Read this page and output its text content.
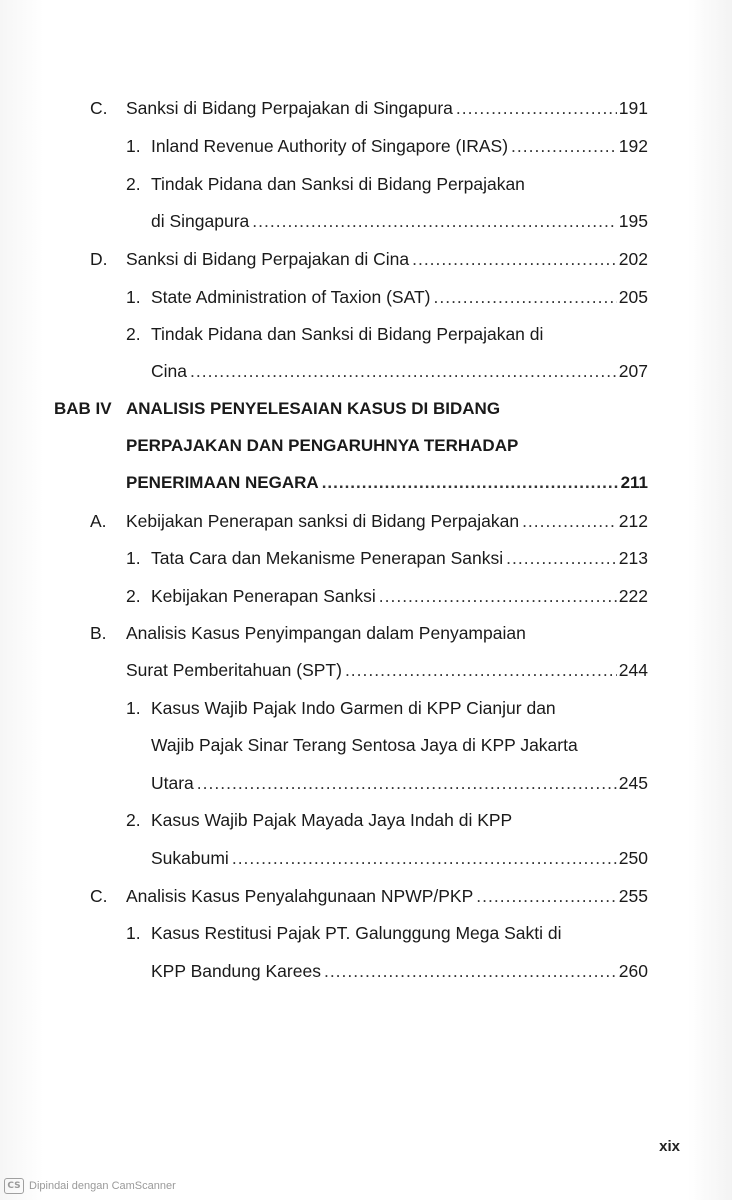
C. Sanksi di Bidang Perpajakan di Singapura .....	191
1. Inland Revenue Authority of Singapore (IRAS) .....	192
2. Tindak Pidana dan Sanksi di Bidang Perpajakan
di Singapura .....	195
D. Sanksi di Bidang Perpajakan di Cina .....	202
1. State Administration of Taxion (SAT) .....	205
2. Tindak Pidana dan Sanksi di Bidang Perpajakan di
Cina .....	207
BAB IV ANALISIS PENYELESAIAN KASUS DI BIDANG
PERPAJAKAN DAN PENGARUHNYA TERHADAP
PENERIMAAN NEGARA .....	211
A. Kebijakan Penerapan sanksi di Bidang Perpajakan .....	212
1. Tata Cara dan Mekanisme Penerapan Sanksi .....	213
2. Kebijakan Penerapan Sanksi .....	222
B. Analisis Kasus Penyimpangan dalam Penyampaian
Surat Pemberitahuan (SPT) .....	244
1. Kasus Wajib Pajak Indo Garmen di KPP Cianjur dan
Wajib Pajak Sinar Terang Sentosa Jaya di KPP Jakarta
Utara .....	245
2. Kasus Wajib Pajak Mayada Jaya Indah di KPP
Sukabumi .....	250
C. Analisis Kasus Penyalahgunaan NPWP/PKP .....	255
1. Kasus Restitusi Pajak PT. Galunggung Mega Sakti di
KPP Bandung Karees .....	260
xix
CS Dipindai dengan CamScanner
